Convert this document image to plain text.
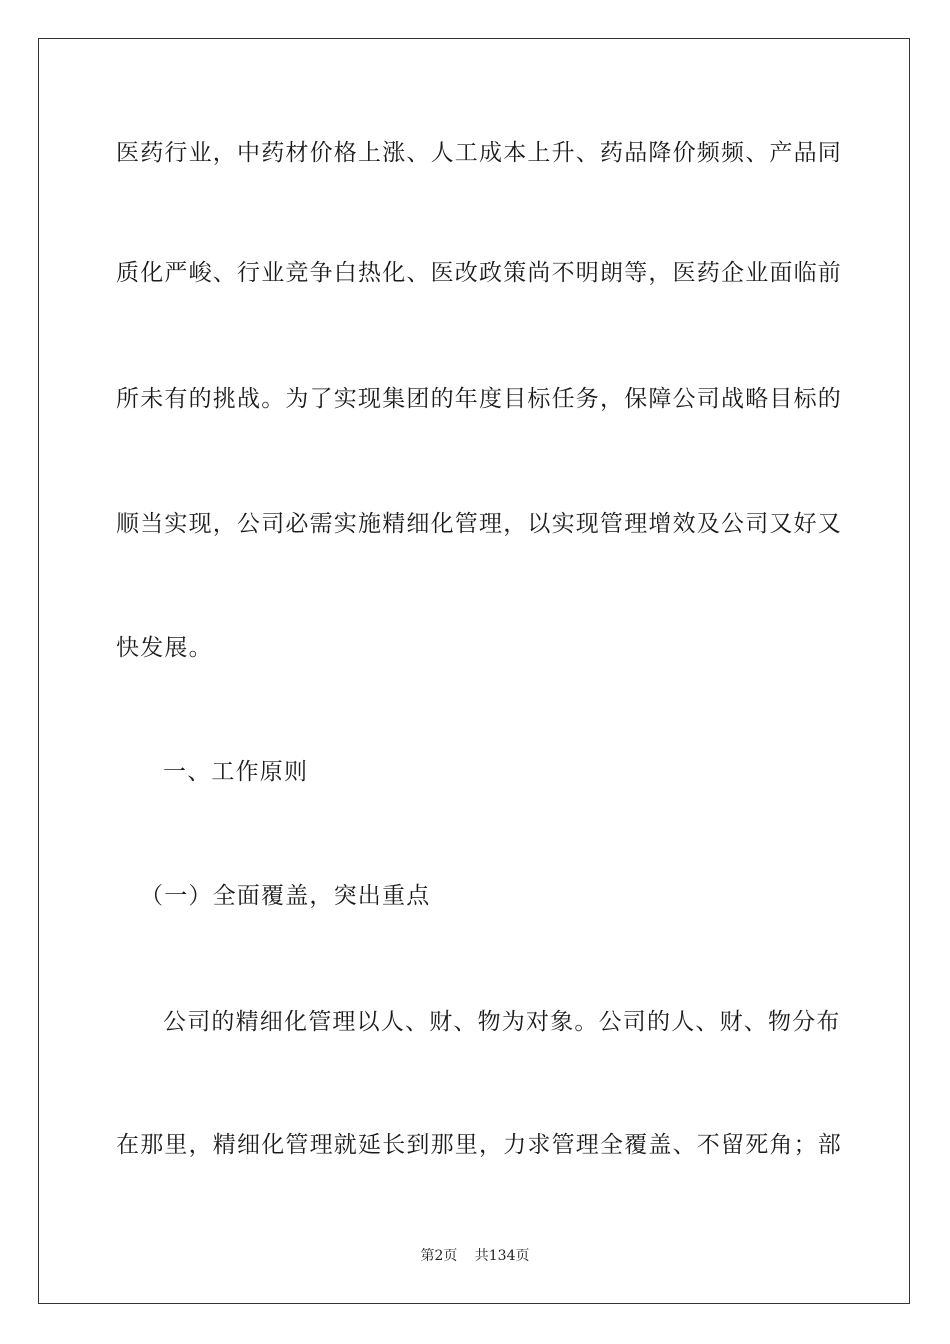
医药行业，中药材价格上涨、人工成本上升、药品降价频频、产品同
质化严峻、行业竞争白热化、医改政策尚不明朗等，医药企业面临前
所未有的挑战。为了实现集团的年度目标任务，保障公司战略目标的
顺当实现，公司必需实施精细化管理，以实现管理增效及公司又好又
快发展。
一、工作原则
（一）全面覆盖，突出重点
公司的精细化管理以人、财、物为对象。公司的人、财、物分布
在那里，精细化管理就延长到那里，力求管理全覆盖、不留死角；部
第2页 共134页
